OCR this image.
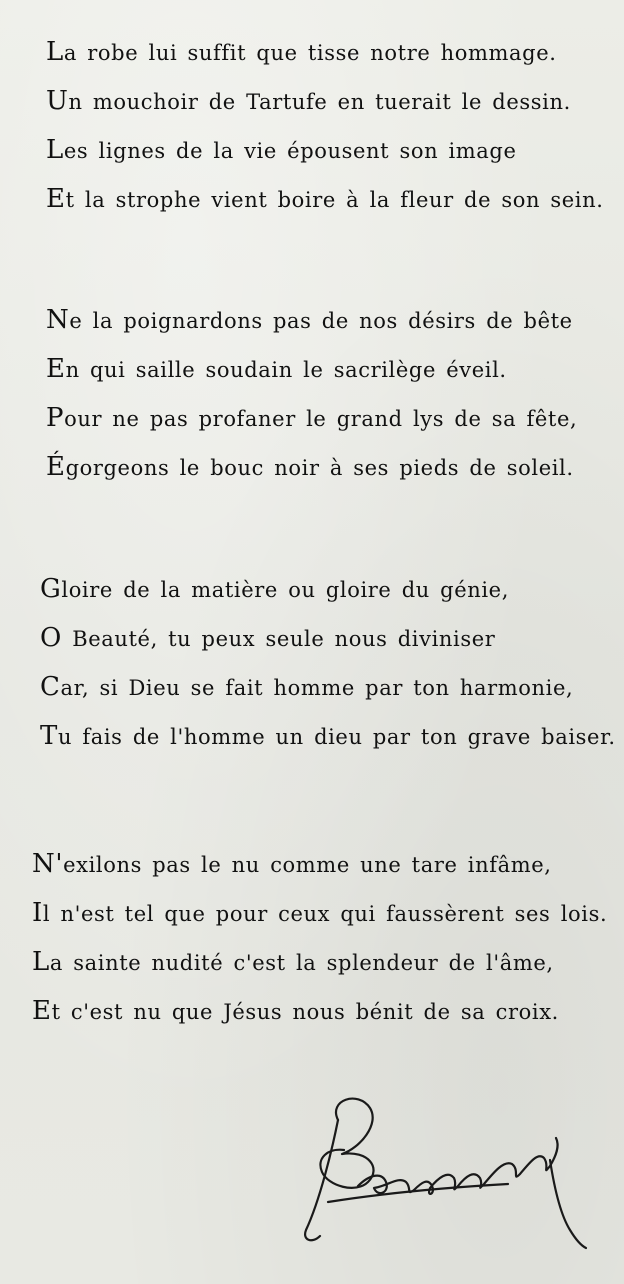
La robe lui suffit que tisse notre hommage.
Un mouchoir de Tartufe en tuerait le dessin.
Les lignes de la vie épousent son image
Et la strophe vient boire à la fleur de son sein.
Ne la poignardons pas de nos désirs de bête
En qui saille soudain le sacrilège éveil.
Pour ne pas profaner le grand lys de sa fête,
Égorgeons le bouc noir à ses pieds de soleil.
Gloire de la matière ou gloire du génie,
O Beauté, tu peux seule nous diviniser
Car, si Dieu se fait homme par ton harmonie,
Tu fais de l'homme un dieu par ton grave baiser.
N'exilons pas le nu comme une tare infâme,
Il n'est tel que pour ceux qui faussèrent ses lois.
La sainte nudité c'est la splendeur de l'âme,
Et c'est nu que Jésus nous bénit de sa croix.
